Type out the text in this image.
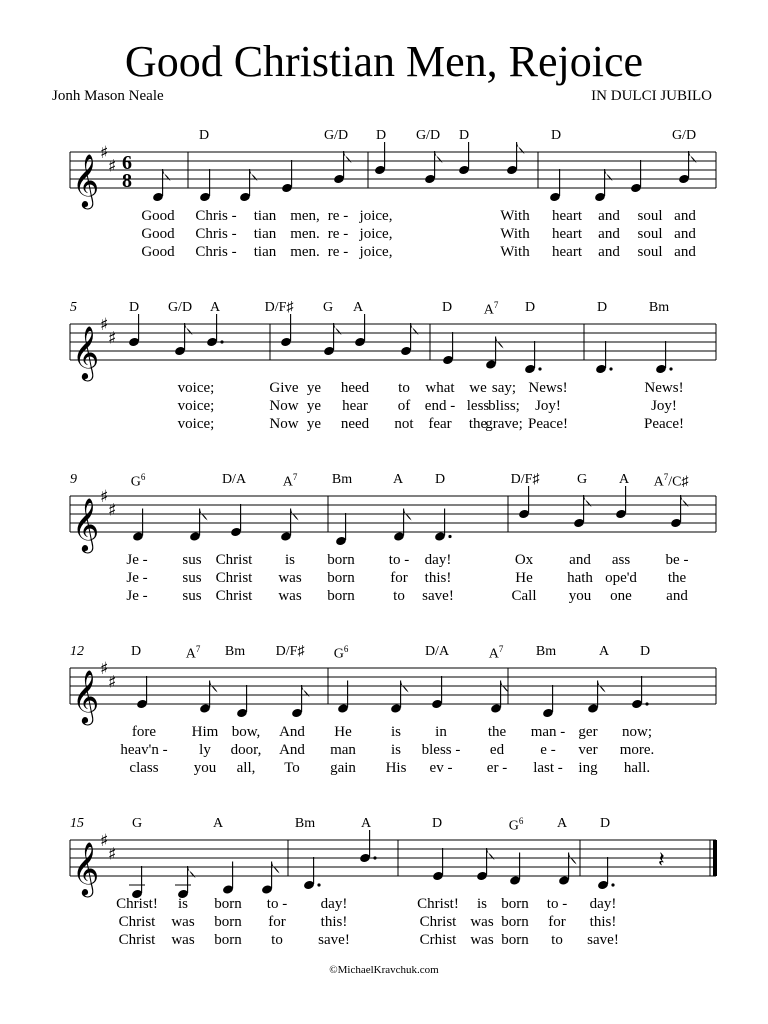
Good Christian Men, Rejoice
Jonh Mason Neale	IN DULCI JUBILO
D	G/D D G/D D	D	G/D
𝄞 ♯
♯ 6
8
Good Chris - tian men, re - joice,	With heart and soul and
Good Chris - tian men. re - joice,	With heart and soul and
Good Chris - tian men. re - joice,	With heart and soul and
5	D G/D A	D/F♯ G A	D $A^7$ D	D	Bm
𝄞 ♯
♯
voice;	Give ye heed to what we say; News!	News!
voice;	Now ye hear of end - less
bliss; Joy!	Joy!
voice;	Now ye need not fear the
grave; Peace!	Peace!
9	$G^6$	D/A	$A^7$ Bm	A D	D/F♯	G A $A^7/C♯$
𝄞 ♯
♯
Je - sus Christ is born to - day!	Ox and ass be -
Je - sus Christ was born for this!	He hath ope'd the
Je - sus Christ was born	to save!	Call you one and
12	D	$A^7$ Bm D/F♯ $G^6$	D/A	$A^7$ Bm	A D
𝄞 ♯
♯
fore Him bow, And He	is in	the man - ger now;
heav'n - ly door, And man is bless - ed e - ver more.
class you all, To gain His ev - er - last - ing hall.
15	G	A	Bm	A	D	$G^6$ A D
𝄞 ♯
♯	𝄽
Christ! is born to - day!	Christ! is born to - day!
Christ was born for this!	Christ was born for this!
Christ was born to save!	Crhist was born to save!
©MichaelKravchuk.com
